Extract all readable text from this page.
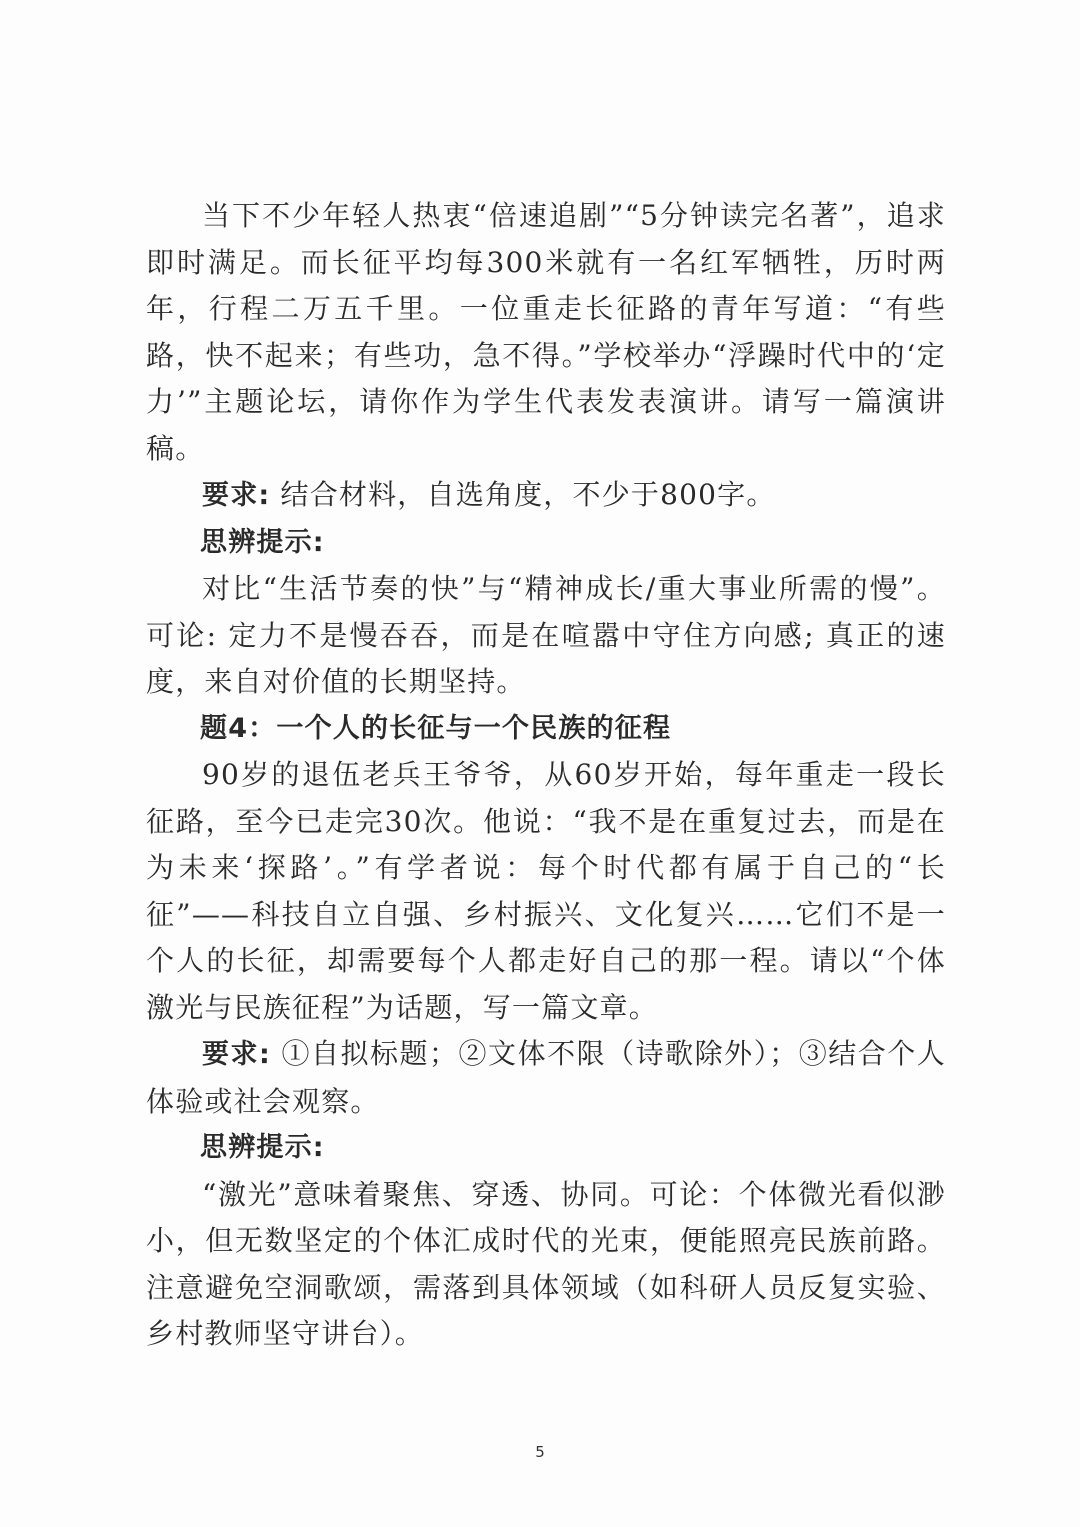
当下不少年轻人热衷“倍速追剧”“5分钟读完名著”，追求即时满足。而长征平均每300米就有一名红军牺牲，历时两年，行程二万五千里。一位重走长征路的青年写道：“有些路，快不起来；有些功，急不得。”学校举办“浮躁时代中的‘定力’”主题论坛，请你作为学生代表发表演讲。请写一篇演讲稿。

要求: 结合材料，自选角度，不少于800字。

思辨提示:

对比“生活节奏的快”与“精神成长/重大事业所需的慢”。可论: 定力不是慢吞吞，而是在喧嚣中守住方向感; 真正的速度，来自对价值的长期坚持。

题4：一个人的长征与一个民族的征程

90岁的退伍老兵王爷爷，从60岁开始，每年重走一段长征路，至今已走完30次。他说：“我不是在重复过去，而是在为未来‘探路’。”有学者说：每个时代都有属于自己的“长征”——科技自立自强、乡村振兴、文化复兴……它们不是一个人的长征，却需要每个人都走好自己的那一程。请以“个体激光与民族征程”为话题，写一篇文章。

要求: ①自拟标题；②文体不限（诗歌除外）；③结合个人体验或社会观察。

思辨提示:

“激光”意味着聚焦、穿透、协同。可论：个体微光看似渺小，但无数坚定的个体汇成时代的光束，便能照亮民族前路。注意避免空洞歌颂，需落到具体领域（如科研人员反复实验、乡村教师坚守讲台）。

5
